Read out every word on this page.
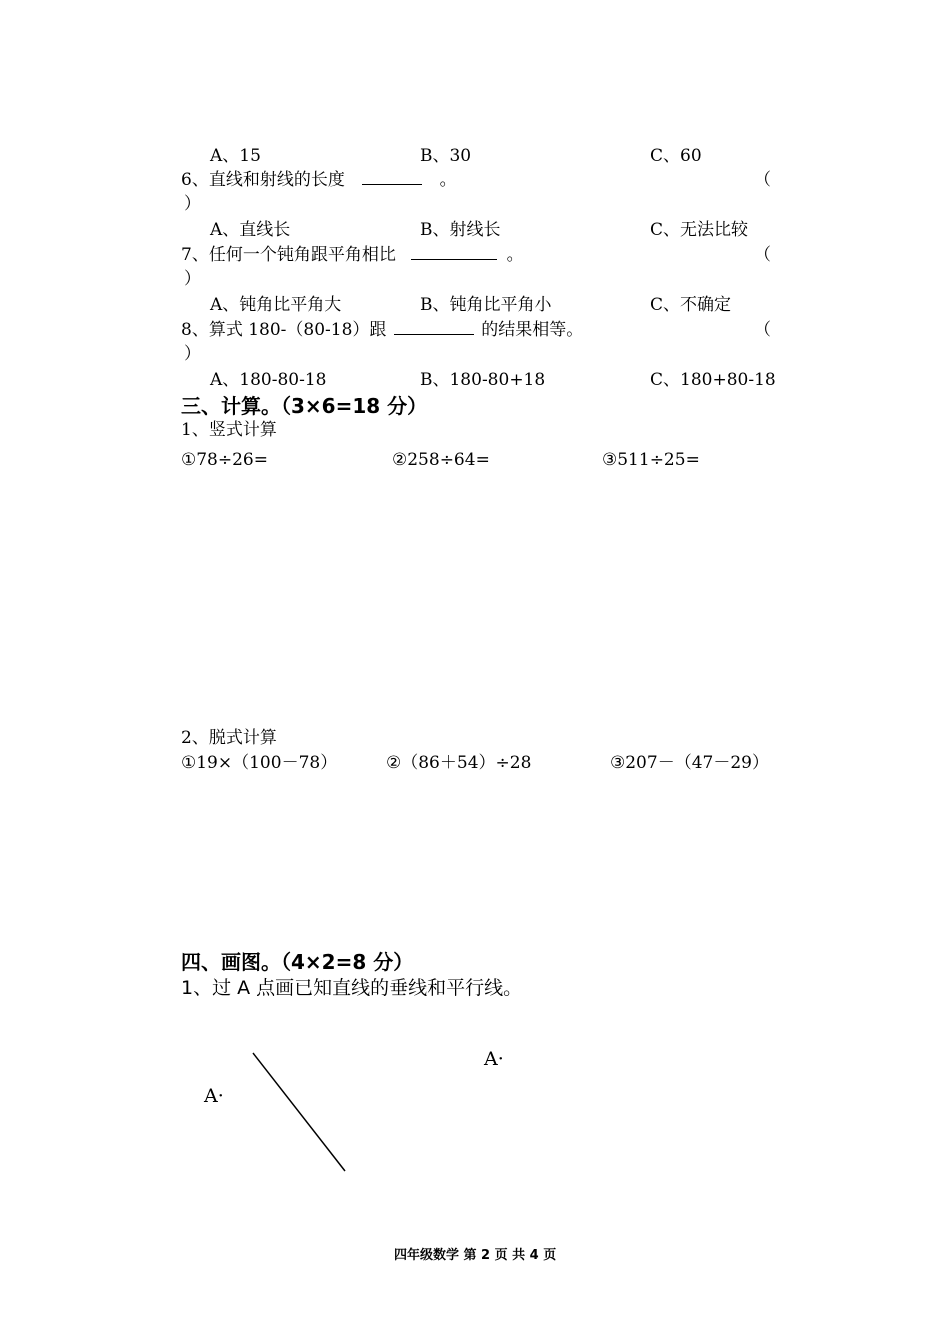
A、15	B、30	C、60
6、直线和射线的长度	。	（
）
A、直线长	B、射线长	C、无法比较
7、任何一个钝角跟平角相比	。	（
）
A、钝角比平角大	B、钝角比平角小	C、不确定
8、算式 180-（80-18）跟	的结果相等。	（
）
A、180-80-18	B、180-80+18	C、180+80-18
三、计算。（3×6=18 分）
1、竖式计算
①78÷26=	②258÷64=	③511÷25=
2、脱式计算
①19×（100－78）	②（86＋54）÷28	③207－（47－29）
四、画图。（4×2=8 分）
1、过 A 点画已知直线的垂线和平行线。
A·
A·
四年级数学 第 2 页 共 4 页
